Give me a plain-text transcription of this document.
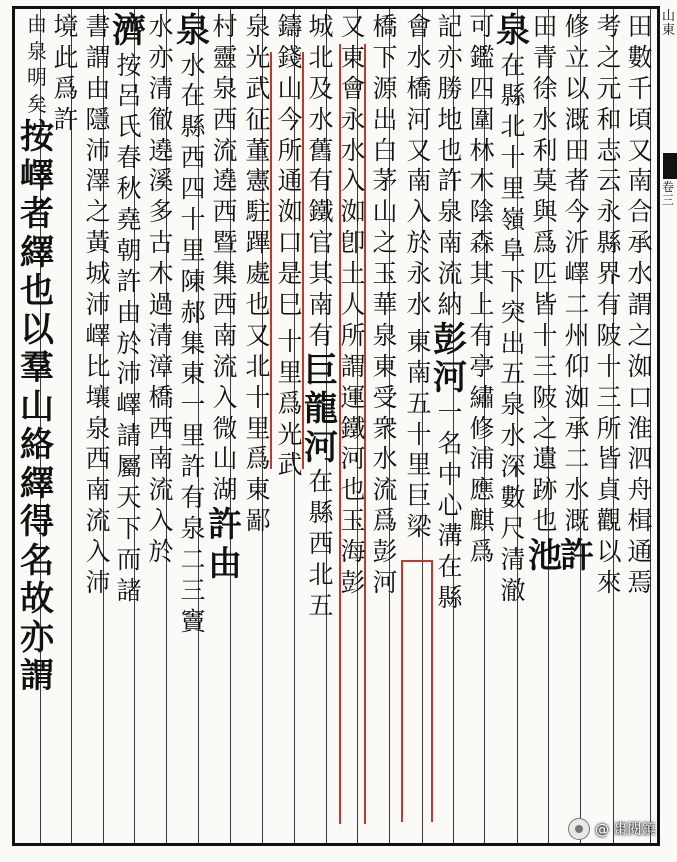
田
數
千
頃
又
南
合
承
水
謂
之
洳
口
淮
泗
舟
楫
通
焉
考
之
元
和
志
云
永
縣
界
有
陂
十
三
所
皆
貞
觀
以
來
修
立
以
溉
田
者
今
沂
嶧
二
州
仰
洳
承
二
水
溉
許
田
青
徐
水
利
莫
與
爲
匹
皆
十
三
陂
之
遺
跡
也
池
泉
在
縣
北
十
里
嶺
阜
下
突
出
五
泉
水
深
數
尺
清
澈
可
鑑
四
圍
林
木
陰
森
其
上
有
亭
繡
修
浦
應
麒
爲
記
亦
勝
地
也
許
泉
南
流
納
彭
河
一
名
中
心
溝
在
縣
會
水
橋
河
又
南
入
於
永
水
東
南
五
十
里
巨
梁
橋
下
源
出
白
茅
山
之
玉
華
泉
東
受
衆
水
流
爲
彭
河
又
東
會
永
水
入
洳
卽
土
人
所
謂
運
鐵
河
也
玉
海
彭
城
北
及
水
舊
有
鐵
官
其
南
有
巨
龍
河
在
縣
西
北
五
鑄
錢
山
今
所
通
洳
口
是
巳
十
里
爲
光
武
泉
光
武
征
董
憲
駐
蹕
處
也
又
北
十
里
爲
東
鄙
村
靈
泉
西
流
遶
西
暨
集
西
南
流
入
微
山
湖
許
由
泉
水
在
縣
西
四
十
里
陳
郝
集
東
一
里
許
有
泉
二
三
竇
水
亦
清
徹
遶
溪
多
古
木
過
清
漳
橋
西
南
流
入
於
濟
按
呂
氏
春
秋
堯
朝
許
由
於
沛
嶧
請
屬
天
下
而
諸
書
謂
由
隱
沛
澤
之
黃
城
沛
嶧
比
壤
泉
西
南
流
入
沛
境
此
爲
許
由
泉
明
矣
按
嶧
者
繹
也
以
羣
山
絡
繹
得
名
故
亦
謂
山東
卷三
@ 棗閱鎮
